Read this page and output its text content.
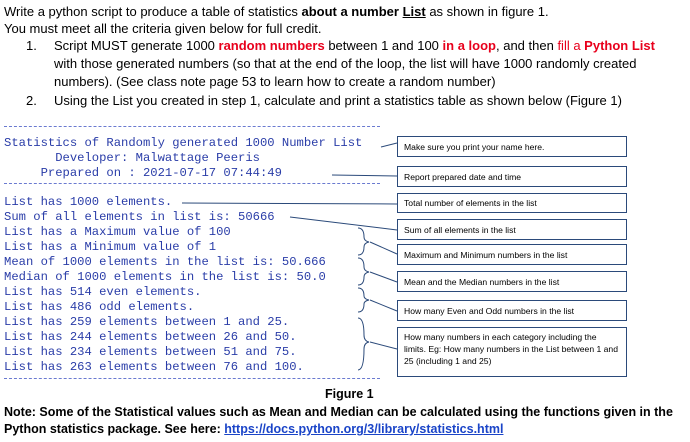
Write a python script to produce a table of statistics about a number List as shown in figure 1.
You must meet all the criteria given below for full credit.
1. Script MUST generate 1000 random numbers between 1 and 100 in a loop, and then fill a Python List
with those generated numbers (so that at the end of the loop, the list will have 1000 randomly created
numbers). (See class note page 53 to learn how to create a random number)
2. Using the List you created in step 1, calculate and print a statistics table as shown below (Figure 1)
Statistics of Randomly generated 1000 Number List
Developer: Malwattage Peeris
Prepared on : 2021-07-17 07:44:49
List has 1000 elements.
Sum of all elements in list is: 50666
List has a Maximum value of 100
List has a Minimum value of 1
Mean of 1000 elements in the list is: 50.666
Median of 1000 elements in the list is: 50.0
List has 514 even elements.
List has 486 odd elements.
List has 259 elements between 1 and 25.
List has 244 elements between 26 and 50.
List has 234 elements between 51 and 75.
List has 263 elements between 76 and 100.
Make sure you print your name here.
Report prepared date and time
Total number of elements in the list
Sum of all elements in the list
Maximum and Minimum numbers in the list
Mean and the Median numbers in the list
How many Even and Odd numbers in the list
How many numbers in each category including the limits. Eg: How many numbers in the List between 1 and 25 (including 1 and 25)
Figure 1
Note: Some of the Statistical values such as Mean and Median can be calculated using the functions given in the Python statistics package. See here: https://docs.python.org/3/library/statistics.html
